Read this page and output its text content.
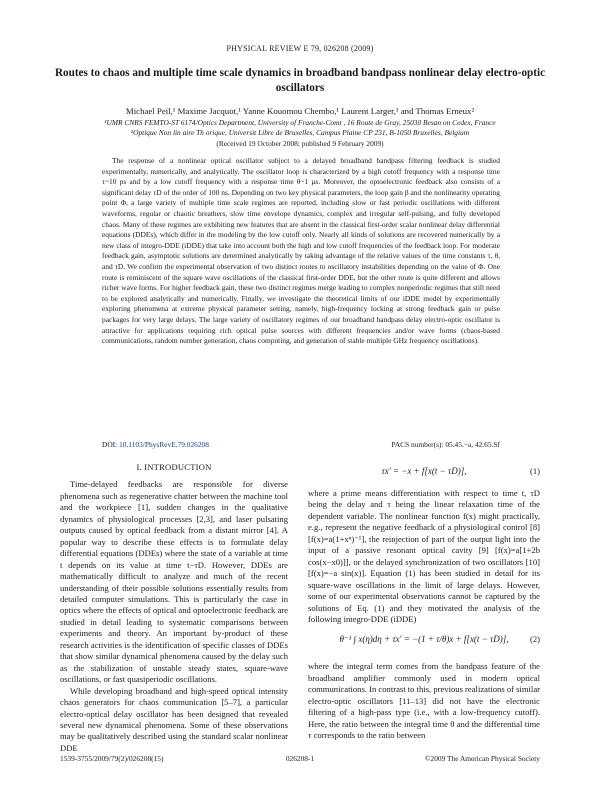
PHYSICAL REVIEW E 79, 026208 (2009)
Routes to chaos and multiple time scale dynamics in broadband bandpass nonlinear delay electro-optic oscillators
Michael Peil,¹ Maxime Jacquot,¹ Yanne Kouomou Chembo,¹ Laurent Larger,¹ and Thomas Erneux²
¹UMR CNRS FEMTO-ST 6174/Optics Department, University of Franche-Comt , 16 Route de Gray, 25030 Besan on Cedex, France
²Optique Non lin aire Th orique, Universit Libre de Bruxelles, Campus Plaine CP 231, B-1050 Bruxelles, Belgium
(Received 19 October 2008; published 9 February 2009)
The response of a nonlinear optical oscillator subject to a delayed broadband bandpass filtering feedback is studied experimentally, numerically, and analytically. The oscillator loop is characterized by a high cutoff frequency with a response time τ~10 ps and by a low cutoff frequency with a response time θ~1 µs. Moreover, the optoelectronic feedback also consists of a significant delay τD of the order of 100 ns. Depending on two key physical parameters, the loop gain β and the nonlinearity operating point Φ, a large variety of multiple time scale regimes are reported, including slow or fast periodic oscillations with different waveforms, regular or chaotic breathers, slow time envelope dynamics, complex and irregular self-pulsing, and fully developed chaos. Many of these regimes are exhibiting new features that are absent in the classical first-order scalar nonlinear delay differential equations (DDEs), which differ in the modeling by the low cutoff only. Nearly all kinds of solutions are recovered numerically by a new class of integro-DDE (iDDE) that take into account both the high and low cutoff frequencies of the feedback loop. For moderate feedback gain, asymptotic solutions are determined analytically by taking advantage of the relative values of the time constants τ, θ, and τD. We confirm the experimental observation of two distinct routes to oscillatory instabilities depending on the value of Φ. One route is reminiscent of the square wave oscillations of the classical first-order DDE, but the other route is quite different and allows richer wave forms. For higher feedback gain, these two distinct regimes merge leading to complex nonperiodic regimes that still need to be explored analytically and numerically. Finally, we investigate the theoretical limits of our iDDE model by experimentally exploring phenomena at extreme physical parameter setting, namely, high-frequency locking at strong feedback gain or pulse packages for very large delays. The large variety of oscillatory regimes of our broadband bandpass delay electro-optic oscillator is attractive for applications requiring rich optical pulse sources with different frequencies and/or wave forms (chaos-based communications, random number generation, chaos computing, and generation of stable multiple GHz frequency oscillations).
DOI: 10.1103/PhysRevE.79.026208	PACS number(s): 05.45.−a, 42.65.Sf
I. INTRODUCTION

Time-delayed feedbacks are responsible for diverse phenomena such as regenerative chatter between the machine tool and the workpiece [1], sudden changes in the qualitative dynamics of physiological processes [2,3], and laser pulsating outputs caused by optical feedback from a distant mirror [4]. A popular way to describe these effects is to formulate delay differential equations (DDEs) where the state of a variable at time t depends on its value at time t−τD. However, DDEs are mathematically difficult to analyze and much of the recent understanding of their possible solutions essentially results from detailed computer simulations. This is particularly the case in optics where the effects of optical and optoelectronic feedback are studied in detail leading to systematic comparisons between experiments and theory. An important by-product of these research activities is the identification of specific classes of DDEs that show similar dynamical phenomena caused by the delay such as the stabilization of unstable steady states, square-wave oscillations, or fast quasiperiodic oscillations.

While developing broadband and high-speed optical intensity chaos generators for chaos communication [5–7], a particular electro-optical delay oscillator has been designed that revealed several new dynamical phenomena. Some of these observations may be qualitatively described using the standard scalar nonlinear DDE

τx′ = −x + f[x(t − τD)],	(1)

where a prime means differentiation with respect to time t, τD being the delay and τ being the linear relaxation time of the dependent variable. The nonlinear function f(x) might practically, e.g., represent the negative feedback of a physiological control [8] [f(x)=a(1+xⁿ)⁻¹], the reinjection of part of the output light into the input of a passive resonant optical cavity [9] [f(x)=a[1+2b cos(x−x0)]], or the delayed synchronization of two oscillators [10] [f(x)=−a sin(x)]. Equation (1) has been studied in detail for its square-wave oscillations in the limit of large delays. However, some of our experimental observations cannot be captured by the solutions of Eq. (1) and they motivated the analysis of the following integro-DDE (iDDE)

θ⁻¹ ∫ x(η)dη + τx′ = −(1 + τ/θ)x + f[x(t − τD)],	(2)

where the integral term comes from the bandpass feature of the broadband amplifier commonly used in modern optical communications. In contrast to this, previous realizations of similar electro-optic oscillators [11–13] did not have the electronic filtering of a high-pass type (i.e., with a low-frequency cutoff). Here, the ratio between the integral time θ and the differential time τ corresponds to the ratio between

1539-3755/2009/79(2)/026208(15)	026208-1	©2009 The American Physical Society
